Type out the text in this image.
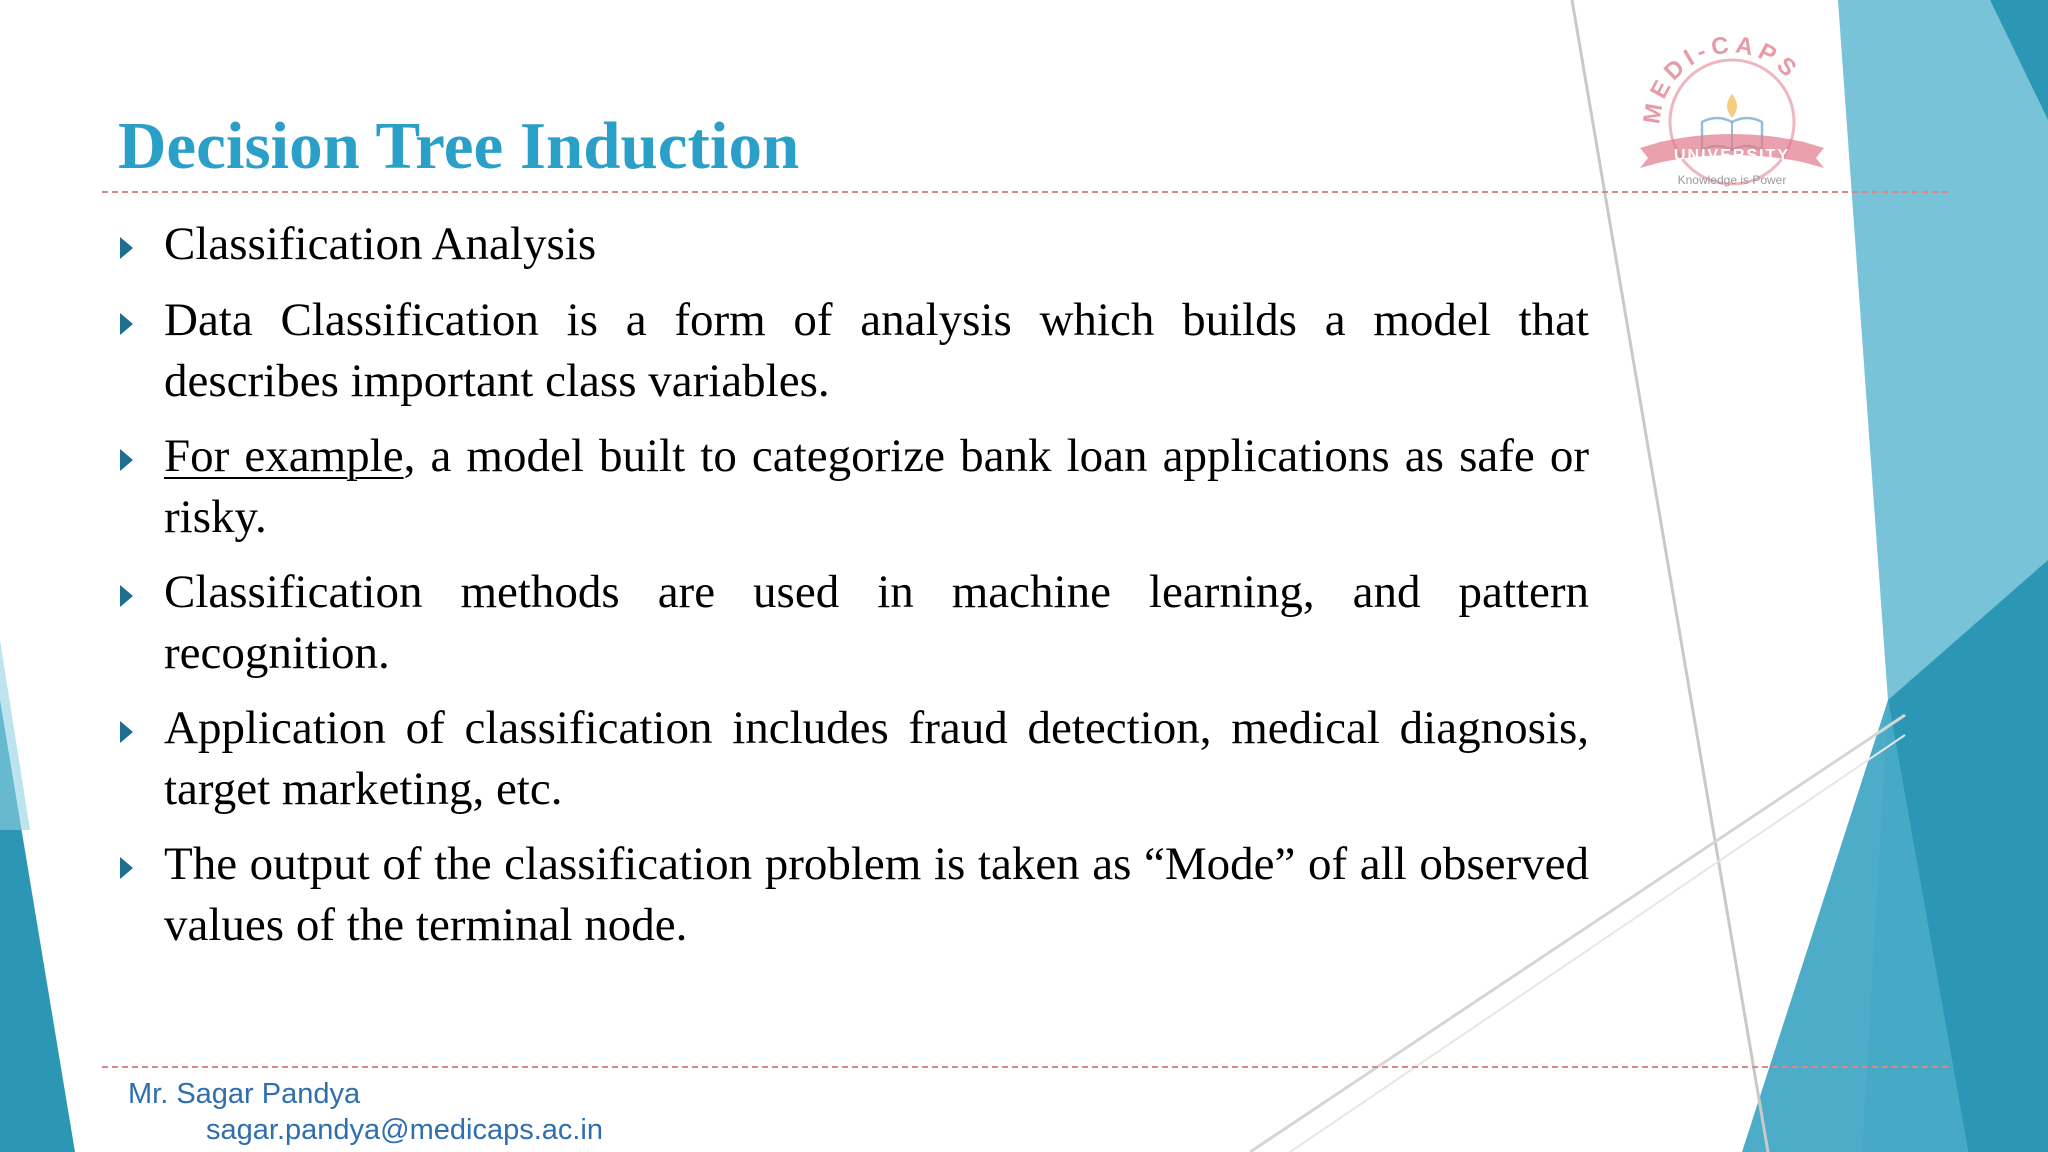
MEDI-CAPS
UNIVERSITY
Knowledge is Power
Decision Tree Induction
Classification Analysis
Data Classification is a form of analysis which builds a model that describes important class variables.
For example, a model built to categorize bank loan applications as safe or risky.
Classification methods are used in machine learning, and pattern recognition.
Application of classification includes fraud detection, medical diagnosis, target marketing, etc.
The output of the classification problem is taken as “Mode” of all observed values of the terminal node.
Mr. Sagar Pandya
sagar.pandya@medicaps.ac.in
